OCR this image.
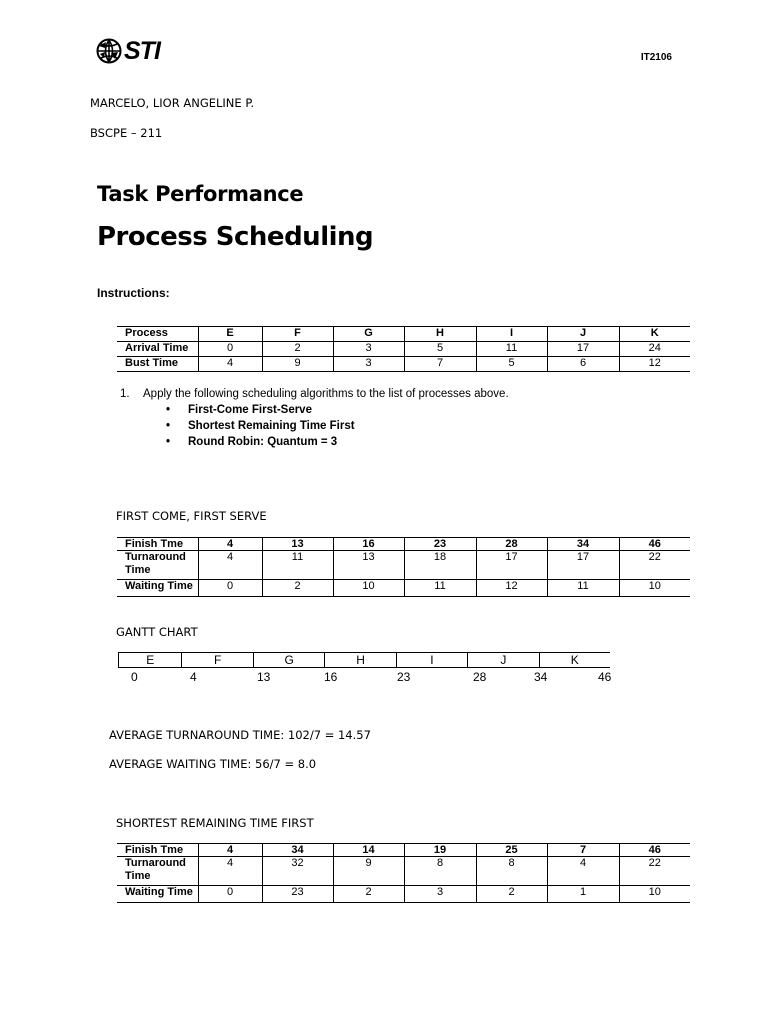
STI	IT2106
MARCELO, LIOR ANGELINE P.
BSCPE – 211
Task Performance
Process Scheduling
Instructions:
Process	E	F	G	H	I	J	K
Arrival Time	0	2	3	5	11	17	24
Bust Time	4	9	3	7	5	6	12
1. Apply the following scheduling algorithms to the list of processes above.
• First-Come First-Serve
• Shortest Remaining Time First
• Round Robin: Quantum = 3
FIRST COME, FIRST SERVE
Finish Tme	4	13	16	23	28	34	46
Turnaround
Time	4	11	13	18	17	17	22
Waiting Time	0	2	10	11	12	11	10
GANTT CHART
E	F	G	H	I	J	K
0	4	13	16	23	28	34	46
AVERAGE TURNAROUND TIME: 102/7 = 14.57
AVERAGE WAITING TIME: 56/7 = 8.0
SHORTEST REMAINING TIME FIRST
Finish Tme	4	34	14	19	25	7	46
Turnaround
Time	4	32	9	8	8	4	22
Waiting Time	0	23	2	3	2	1	10
